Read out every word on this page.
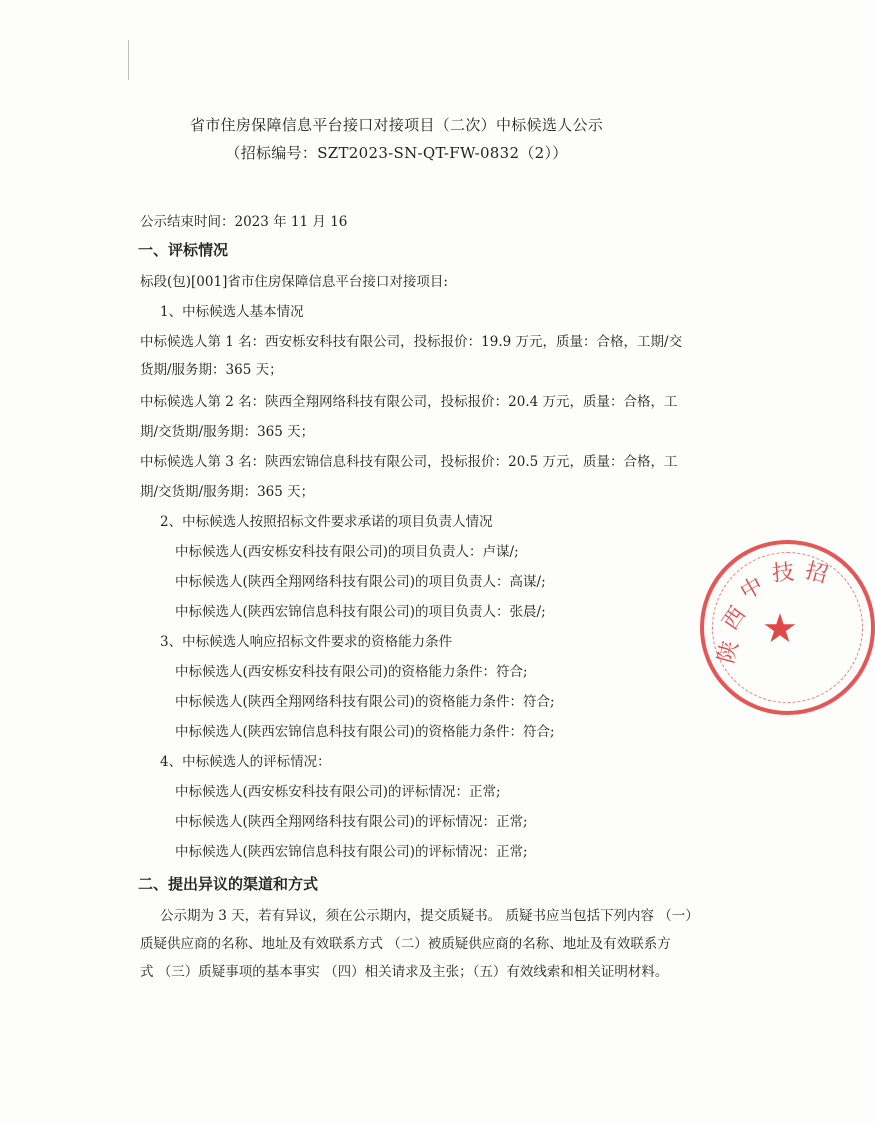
省市住房保障信息平台接口对接项目（二次）中标候选人公示
（招标编号：SZT2023-SN-QT-FW-0832（2））
公示结束时间：2023 年 11 月 16
一、评标情况
标段(包)[001]省市住房保障信息平台接口对接项目:
1、中标候选人基本情况
中标候选人第 1 名：西安栎安科技有限公司，投标报价：19.9 万元，质量：合格，工期/交
货期/服务期：365 天；
中标候选人第 2 名：陕西全翔网络科技有限公司，投标报价：20.4 万元，质量：合格，工
期/交货期/服务期：365 天；
中标候选人第 3 名：陕西宏锦信息科技有限公司，投标报价：20.5 万元，质量：合格，工
期/交货期/服务期：365 天；
2、中标候选人按照招标文件要求承诺的项目负责人情况
中标候选人(西安栎安科技有限公司)的项目负责人：卢谋/;
中标候选人(陕西全翔网络科技有限公司)的项目负责人：高谋/;
中标候选人(陕西宏锦信息科技有限公司)的项目负责人：张晨/;
3、中标候选人响应招标文件要求的资格能力条件
中标候选人(西安栎安科技有限公司)的资格能力条件：符合;
中标候选人(陕西全翔网络科技有限公司)的资格能力条件：符合;
中标候选人(陕西宏锦信息科技有限公司)的资格能力条件：符合;
4、中标候选人的评标情况：
中标候选人(西安栎安科技有限公司)的评标情况：正常;
中标候选人(陕西全翔网络科技有限公司)的评标情况：正常;
中标候选人(陕西宏锦信息科技有限公司)的评标情况：正常;
二、提出异议的渠道和方式
公示期为 3 天，若有异议，须在公示期内，提交质疑书。 质疑书应当包括下列内容 （一）
质疑供应商的名称、地址及有效联系方式 （二）被质疑供应商的名称、地址及有效联系方
式 （三）质疑事项的基本事实 （四）相关请求及主张；（五）有效线索和相关证明材料。
陕
西
中 技 招
★
